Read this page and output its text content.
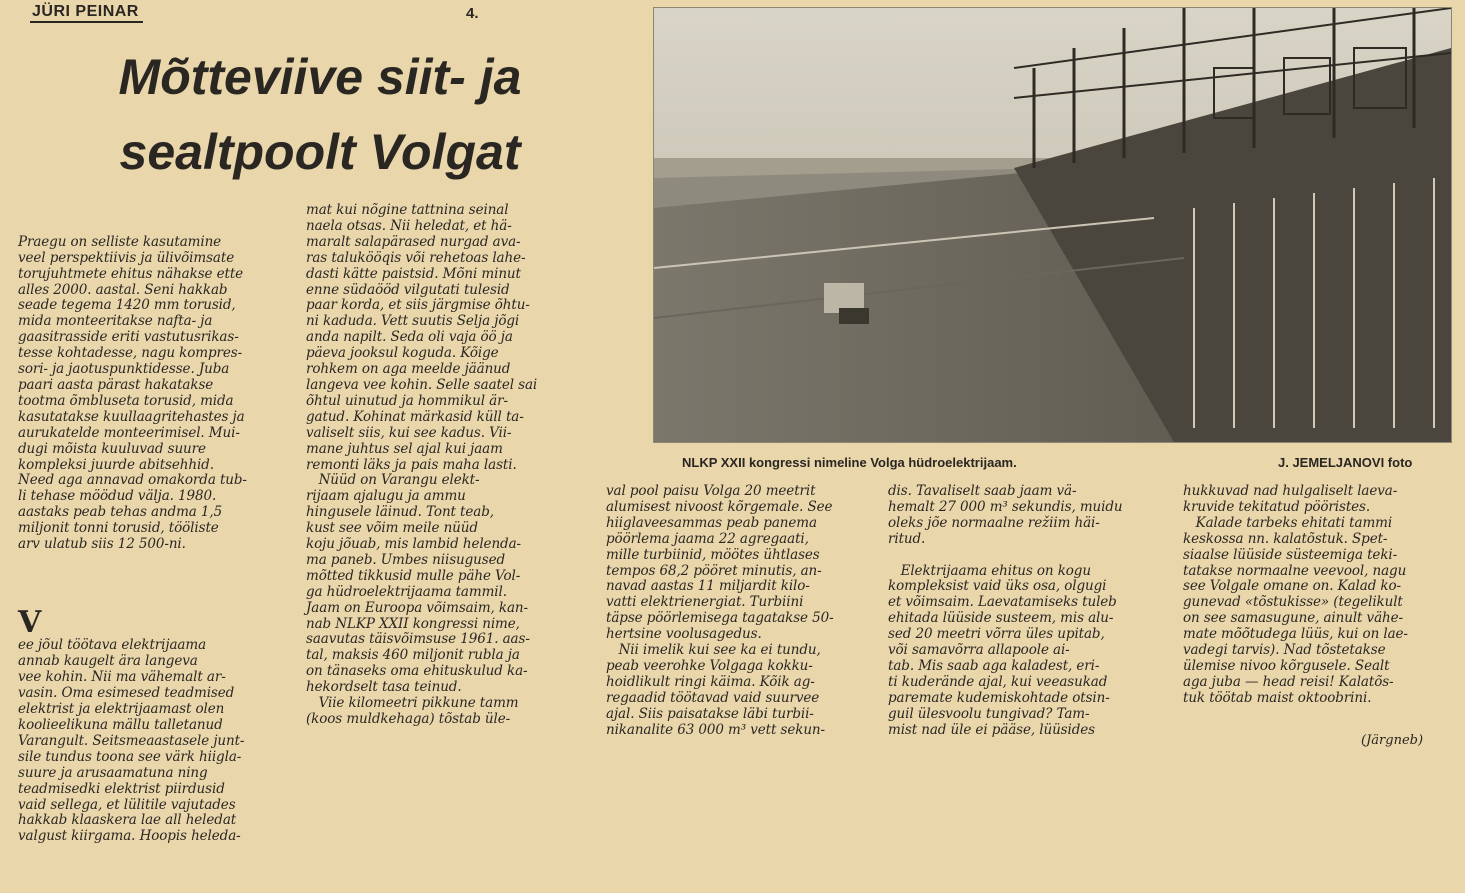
JÜRI PEINAR	4.
Mõtteviive siit- ja
sealtpoolt Volgat

Praegu on selliste kasutamine
veel perspektiivis ja ülivõimsate
torujuhtmete ehitus nähakse ette
alles 2000. aastal. Seni hakkab
seade tegema 1420 mm torusid,
mida monteeritakse nafta- ja
gaasitrasside eriti vastutusrikas-
tesse kohtadesse, nagu kompres-
sori- ja jaotuspunktidesse. Juba
paari aasta pärast hakatakse
tootma õmbluseta torusid, mida
kasutatakse kuullaagritehastes ja
aurukatelde monteerimisel. Mui-
dugi mõista kuuluvad suure
kompleksi juurde abitsehhid.
Need aga annavad omakorda tub-
li tehase möödud välja. 1980.
aastaks peab tehas andma 1,5
miljonit tonni torusid, tööliste
arv ulatub siis 12 500-ni.

V

ee jõul töötava elektrijaama
annab kaugelt ära langeva
vee kohin. Nii ma vähemalt ar-
vasin. Oma esimesed teadmised
elektrist ja elektrijaamast olen
koolieelikuna mällu talletanud
Varangult. Seitsmeaastasele junt-
sile tundus toona see värk hiigla-
suure ja arusaamatuna ning
teadmisedki elektrist piirdusid
vaid sellega, et lülitile vajutades
hakkab klaaskera lae all heledat
valgust kiirgama. Hoopis heleda-

mat kui nõgine tattnina seinal
naela otsas. Nii heledat, et hä-
maralt salapärased nurgad ava-
ras talukööqis või rehetoas lahe-
dasti kätte paistsid. Mõni minut
enne südaööd vilgutati tulesid
paar korda, et siis järgmise õhtu-
ni kaduda. Vett suutis Selja jõgi
anda napilt. Seda oli vaja öö ja
päeva jooksul koguda. Kõige
rohkem on aga meelde jäänud
langeva vee kohin. Selle saatel sai
õhtul uinutud ja hommikul är-
gatud. Kohinat märkasid küll ta-
valiselt siis, kui see kadus. Vii-
mane juhtus sel ajal kui jaam
remonti läks ja pais maha lasti.
Nüüd on Varangu elekt-
rijaam ajalugu ja ammu
hingusele läinud. Tont teab,
kust see võim meile nüüd
koju jõuab, mis lambid helenda-
ma paneb. Umbes niisugused
mõtted tikkusid mulle pähe Vol-
ga hüdroelektrijaama tammil.
Jaam on Euroopa võimsaim, kan-
nab NLKP XXII kongressi nime,
saavutas täisvõimsuse 1961. aas-
tal, maksis 460 miljonit rubla ja
on tänaseks oma ehituskulud ka-
hekordselt tasa teinud.
Viie kilomeetri pikkune tamm
(koos muldkehaga) tõstab üle-
NLKP XXII kongressi nimeline Volga hüdroelektrijaam.	J. JEMELJANOVI foto
val pool paisu Volga 20 meetrit
alumisest nivoost kõrgemale. See
hiiglaveesammas peab panema
pöörlema jaama 22 agregaati,
mille turbiinid, möötes ühtlases
tempos 68,2 pööret minutis, an-
navad aastas 11 miljardit kilo-
vatti elektrienergiat. Turbiini
täpse pöörlemisega tagatakse 50-
hertsine voolusagedus.
Nii imelik kui see ka ei tundu,
peab veerohke Volgaga kokku-
hoidlikult ringi käima. Kõik ag-
regaadid töötavad vaid suurvee
ajal. Siis paisatakse läbi turbii-
nikanalite 63 000 m³ vett sekun-
dis. Tavaliselt saab jaam vä-
hemalt 27 000 m³ sekundis, muidu
oleks jõe normaalne režiim häi-
ritud.

Elektrijaama ehitus on kogu
kompleksist vaid üks osa, olgugi
et võimsaim. Laevatamiseks tuleb
ehitada lüüside susteem, mis alu-
sed 20 meetri võrra üles upitab,
või samavõrra allapoole ai-
tab. Mis saab aga kaladest, eri-
ti kuderände ajal, kui veeasukad
paremate kudemiskohtade otsin-
guil ülesvoolu tungivad? Tam-
mist nad üle ei pääse, lüüsides
hukkuvad nad hulgaliselt laeva-
kruvide tekitatud pööristes.
Kalade tarbeks ehitati tammi
keskossa nn. kalatõstuk. Spet-
siaalse lüüside süsteemiga teki-
tatakse normaalne veevool, nagu
see Volgale omane on. Kalad ko-
gunevad «tõstukisse» (tegelikult
on see samasugune, ainult vähe-
mate mõõtudega lüüs, kui on lae-
vadegi tarvis). Nad tõstetakse
ülemise nivoo kõrgusele. Sealt
aga juba — head reisi! Kalatõs-
tuk töötab maist oktoobrini.
(Järgneb)
